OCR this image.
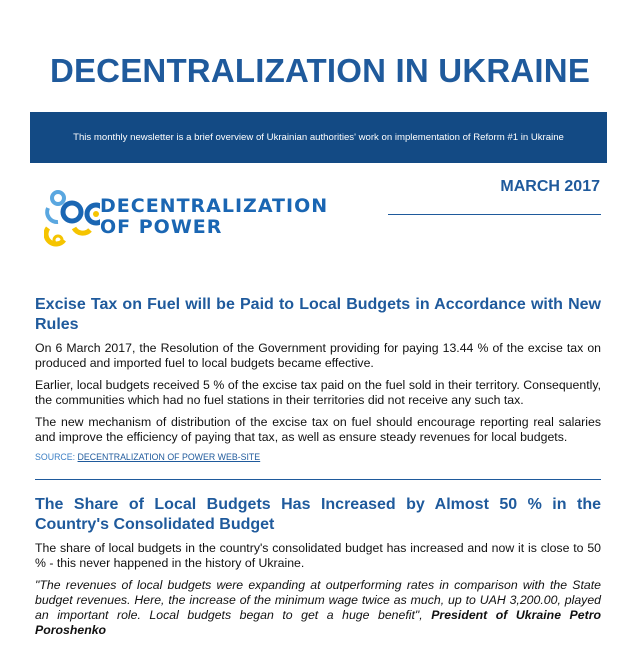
DECENTRALIZATION IN UKRAINE
This monthly newsletter is a brief overview of Ukrainian authorities' work on implementation of Reform #1 in Ukraine
DECENTRALIZATION
OF POWER
MARCH 2017
Excise Tax on Fuel will be Paid to Local Budgets in Accordance with New Rules

On 6 March 2017, the Resolution of the Government providing for paying 13.44 % of the excise tax on produced and imported fuel to local budgets became effective.

Earlier, local budgets received 5 % of the excise tax paid on the fuel sold in their territory. Consequently, the communities which had no fuel stations in their territories did not receive any such tax.

The new mechanism of distribution of the excise tax on fuel should encourage reporting real salaries and improve the efficiency of paying that tax, as well as ensure steady revenues for local budgets.

SOURCE: DECENTRALIZATION OF POWER WEB-SITE

The Share of Local Budgets Has Increased by Almost 50 % in the Country's Consolidated Budget

The share of local budgets in the country's consolidated budget has increased and now it is close to 50 % - this never happened in the history of Ukraine.

"The revenues of local budgets were expanding at outperforming rates in comparison with the State budget revenues. Here, the increase of the minimum wage twice as much, up to UAH 3,200.00, played an important role. Local budgets began to get a huge benefit", President of Ukraine Petro Poroshenko
